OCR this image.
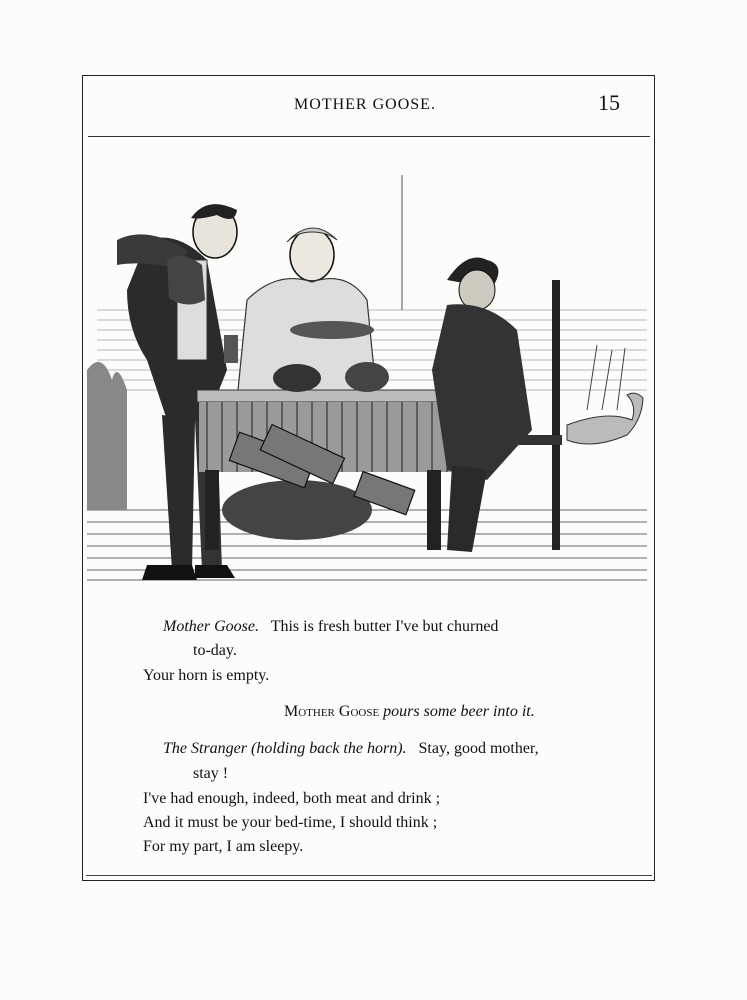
MOTHER GOOSE.	15
Mother Goose. This is fresh butter I've but churned
to-day.
Your horn is empty.
Mother Goose pours some beer into it.
The Stranger (holding back the horn). Stay, good mother,
stay !
I've had enough, indeed, both meat and drink ;
And it must be your bed-time, I should think ;
For my part, I am sleepy.
